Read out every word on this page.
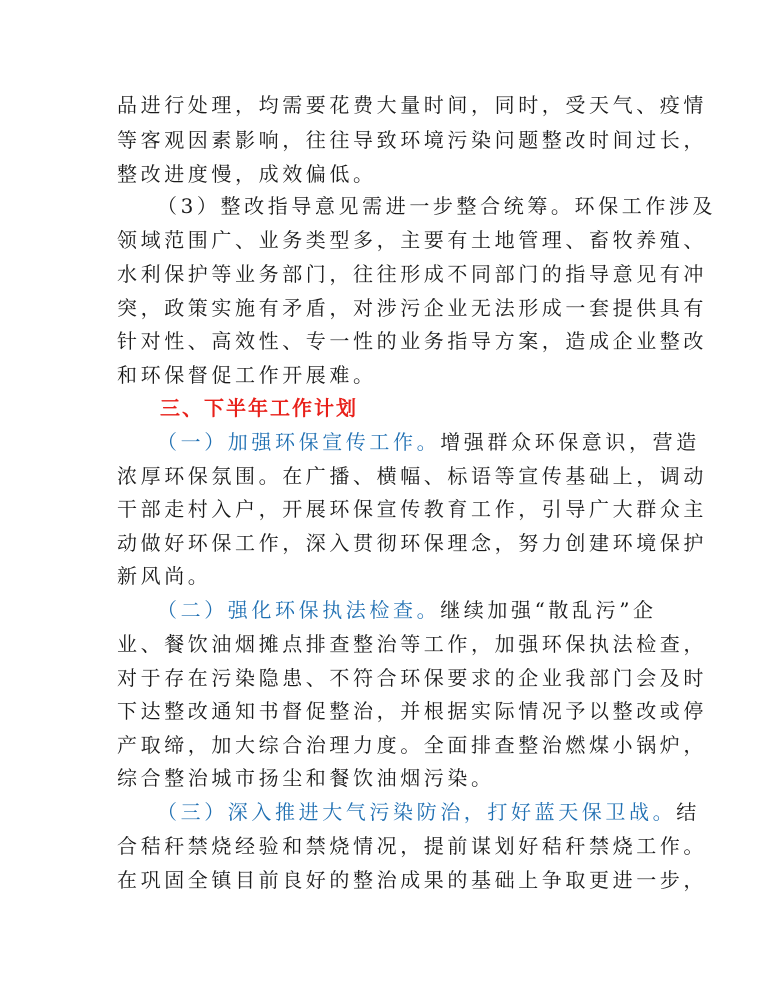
品进行处理，均需要花费大量时间，同时，受天气、疫情
等客观因素影响，往往导致环境污染问题整改时间过长，
整改进度慢，成效偏低。
（3）整改指导意见需进一步整合统筹。环保工作涉及
领域范围广、业务类型多，主要有土地管理、畜牧养殖、
水利保护等业务部门，往往形成不同部门的指导意见有冲
突，政策实施有矛盾，对涉污企业无法形成一套提供具有
针对性、高效性、专一性的业务指导方案，造成企业整改
和环保督促工作开展难。
三、下半年工作计划
（一）加强环保宣传工作。增强群众环保意识，营造
浓厚环保氛围。在广播、横幅、标语等宣传基础上，调动
干部走村入户，开展环保宣传教育工作，引导广大群众主
动做好环保工作，深入贯彻环保理念，努力创建环境保护
新风尚。
（二）强化环保执法检查。继续加强“散乱污”企
业、餐饮油烟摊点排查整治等工作，加强环保执法检查，
对于存在污染隐患、不符合环保要求的企业我部门会及时
下达整改通知书督促整治，并根据实际情况予以整改或停
产取缔，加大综合治理力度。全面排查整治燃煤小锅炉，
综合整治城市扬尘和餐饮油烟污染。
（三）深入推进大气污染防治，打好蓝天保卫战。结
合秸秆禁烧经验和禁烧情况，提前谋划好秸秆禁烧工作。
在巩固全镇目前良好的整治成果的基础上争取更进一步，
